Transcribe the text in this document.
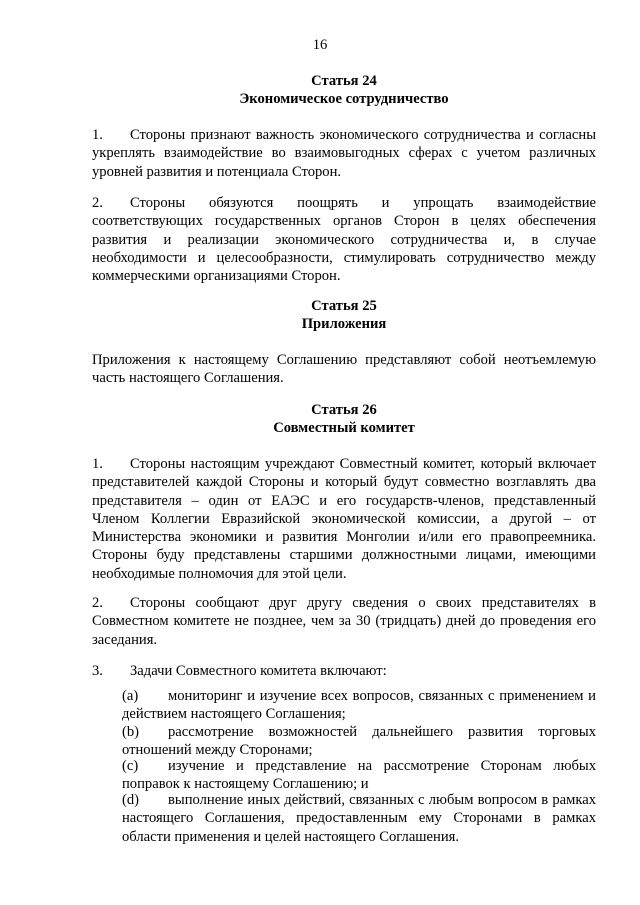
16
Статья 24
Экономическое сотрудничество
1. Стороны признают важность экономического сотрудничества и согласны укреплять взаимодействие во взаимовыгодных сферах с учетом различных уровней развития и потенциала Сторон.
2. Стороны обязуются поощрять и упрощать взаимодействие соответствующих государственных органов Сторон в целях обеспечения развития и реализации экономического сотрудничества и, в случае необходимости и целесообразности, стимулировать сотрудничество между коммерческими организациями Сторон.
Статья 25
Приложения
Приложения к настоящему Соглашению представляют собой неотъемлемую часть настоящего Соглашения.
Статья 26
Совместный комитет
1. Стороны настоящим учреждают Совместный комитет, который включает представителей каждой Стороны и который будут совместно возглавлять два представителя – один от ЕАЭС и его государств-членов, представленный Членом Коллегии Евразийской экономической комиссии, а другой – от Министерства экономики и развития Монголии и/или его правопреемника. Стороны буду представлены старшими должностными лицами, имеющими необходимые полномочия для этой цели.
2. Стороны сообщают друг другу сведения о своих представителях в Совместном комитете не позднее, чем за 30 (тридцать) дней до проведения его заседания.
3. Задачи Совместного комитета включают:
(a) мониторинг и изучение всех вопросов, связанных с применением и действием настоящего Соглашения;
(b) рассмотрение возможностей дальнейшего развития торговых отношений между Сторонами;
(c) изучение и представление на рассмотрение Сторонам любых поправок к настоящему Соглашению; и
(d) выполнение иных действий, связанных с любым вопросом в рамках настоящего Соглашения, предоставленным ему Сторонами в рамках области применения и целей настоящего Соглашения.
